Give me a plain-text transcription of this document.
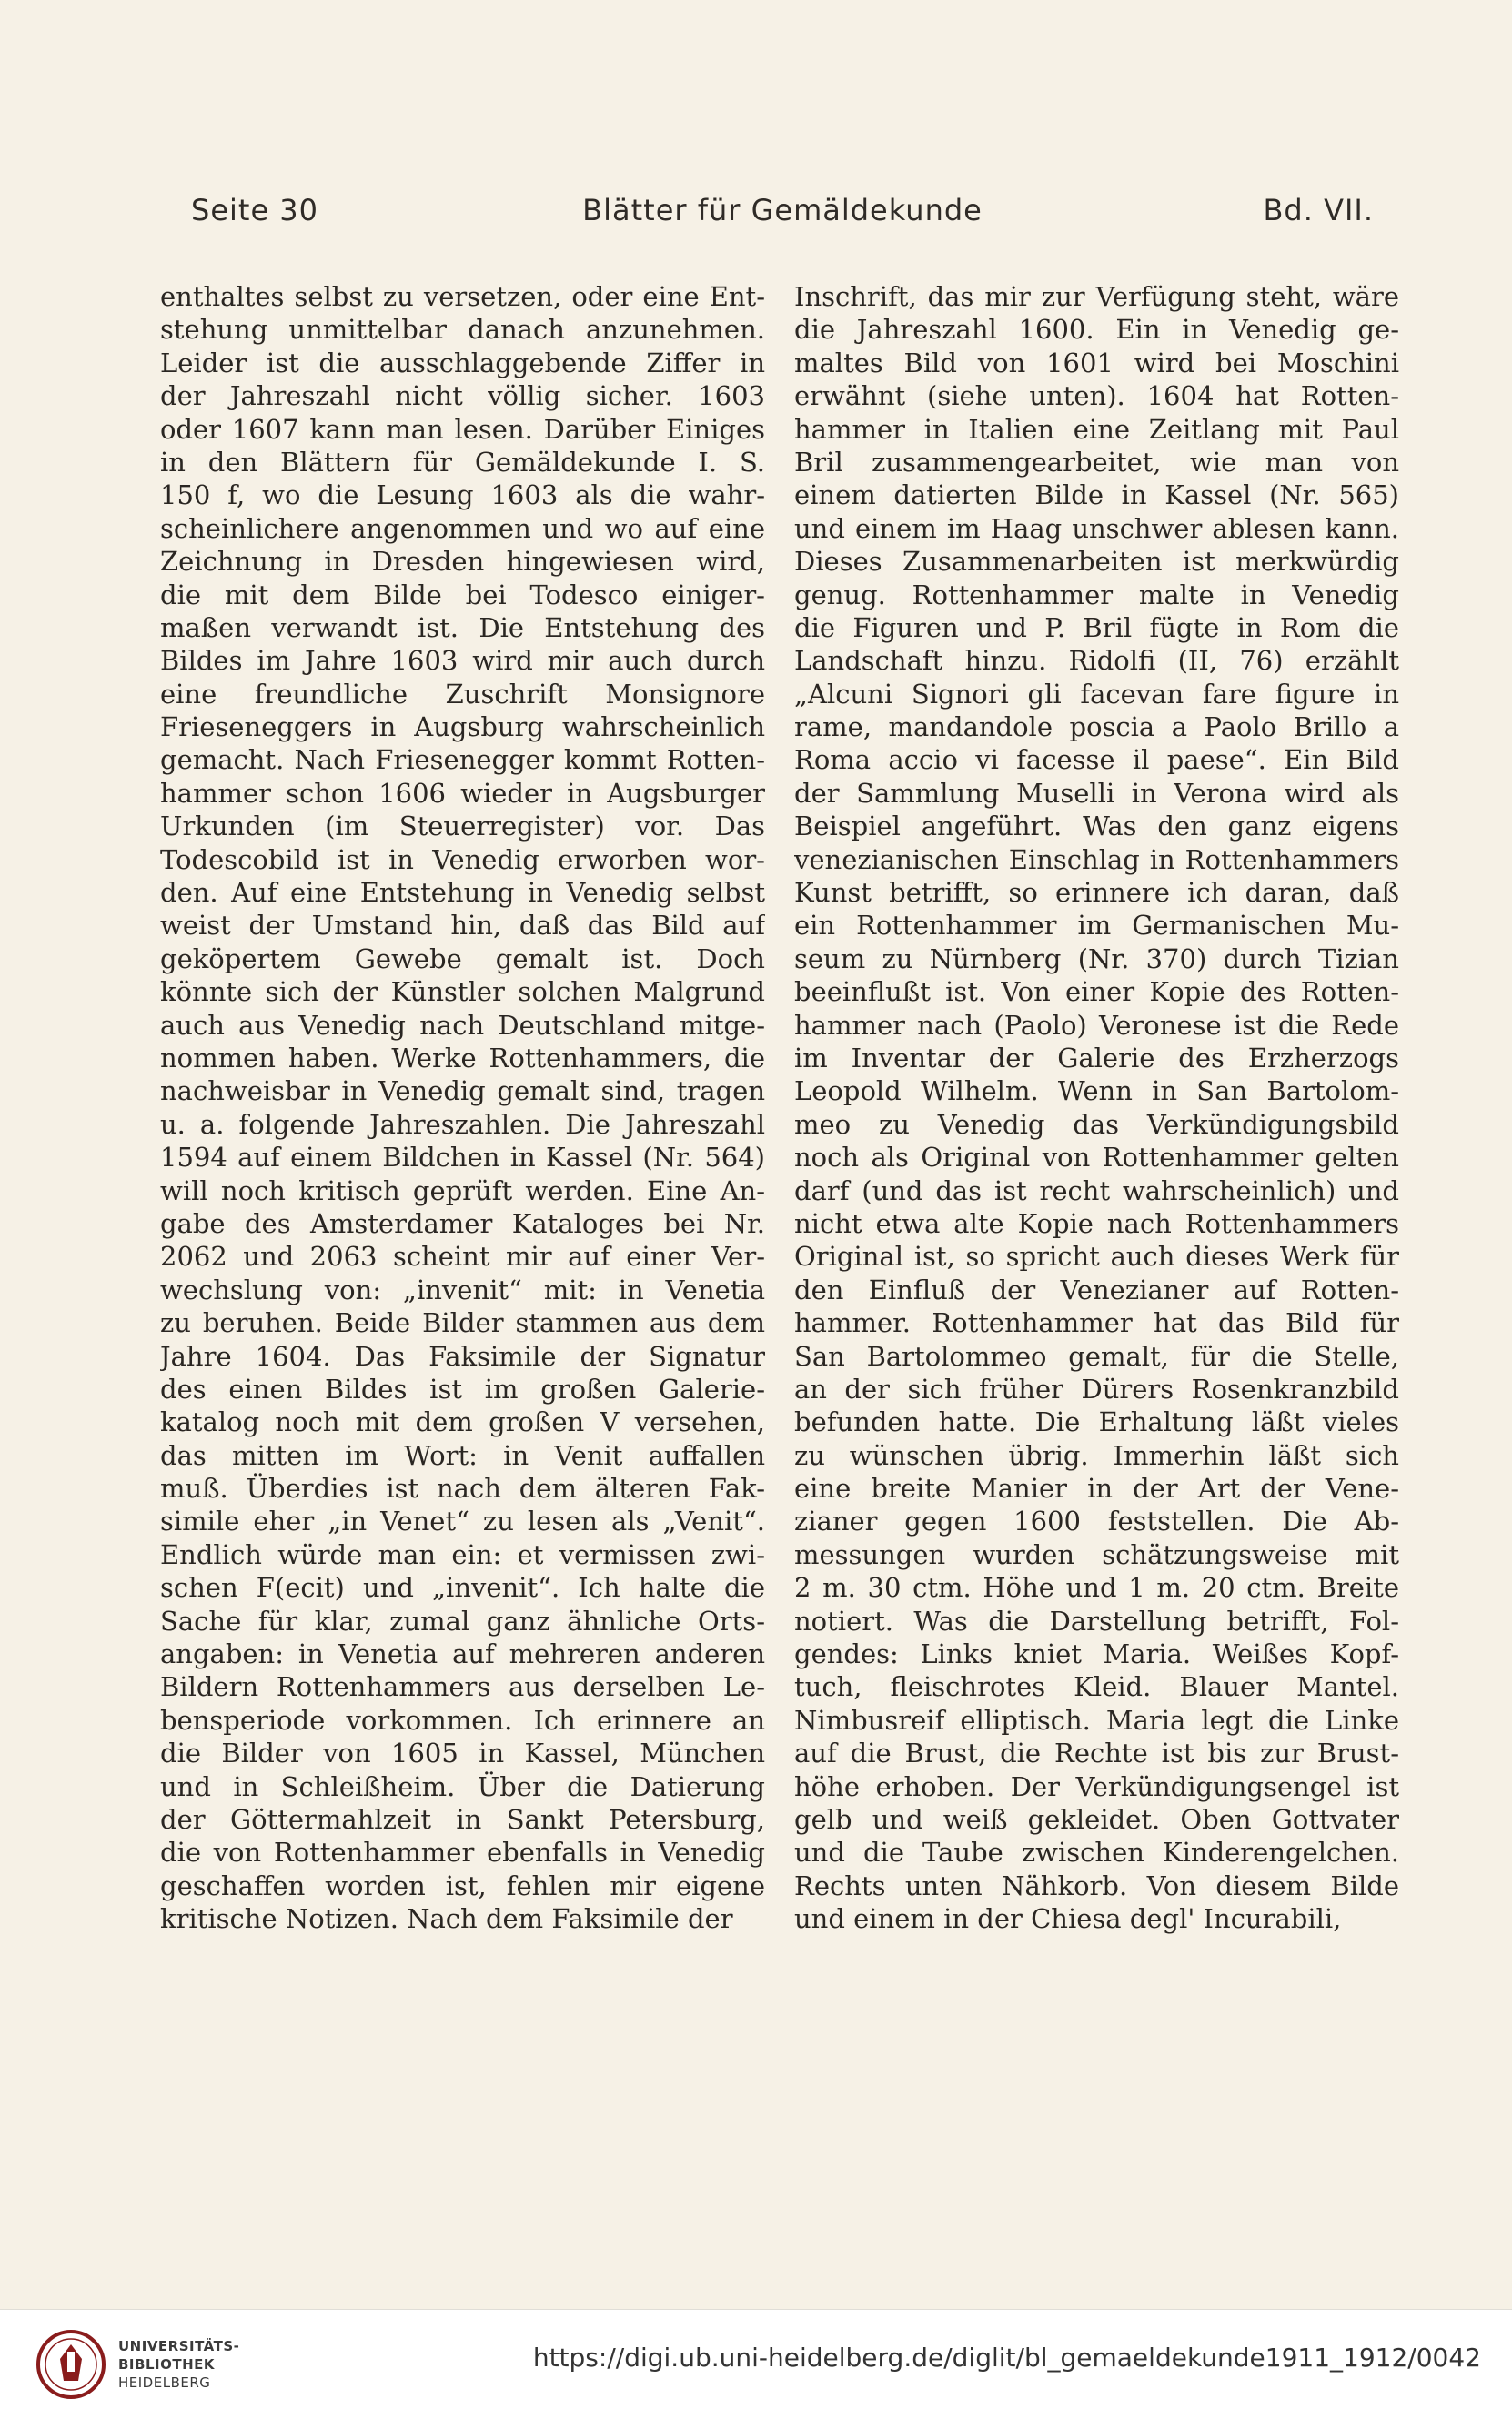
Seite 30	Blätter für Gemäldekunde	Bd. VII.
enthaltes selbst zu versetzen, oder eine Ent-
stehung unmittelbar danach anzunehmen.
Leider ist die ausschlaggebende Ziffer in
der Jahreszahl nicht völlig sicher. 1603
oder 1607 kann man lesen. Darüber Einiges
in den Blättern für Gemäldekunde I. S.
150 f, wo die Lesung 1603 als die wahr-
scheinlichere angenommen und wo auf eine
Zeichnung in Dresden hingewiesen wird,
die mit dem Bilde bei Todesco einiger-
maßen verwandt ist. Die Entstehung des
Bildes im Jahre 1603 wird mir auch durch
eine freundliche Zuschrift Monsignore
Frieseneggers in Augsburg wahrscheinlich
gemacht. Nach Friesenegger kommt Rotten-
hammer schon 1606 wieder in Augsburger
Urkunden (im Steuerregister) vor. Das
Todescobild ist in Venedig erworben wor-
den. Auf eine Entstehung in Venedig selbst
weist der Umstand hin, daß das Bild auf
geköpertem Gewebe gemalt ist. Doch
könnte sich der Künstler solchen Malgrund
auch aus Venedig nach Deutschland mitge-
nommen haben. Werke Rottenhammers, die
nachweisbar in Venedig gemalt sind, tragen
u. a. folgende Jahreszahlen. Die Jahreszahl
1594 auf einem Bildchen in Kassel (Nr. 564)
will noch kritisch geprüft werden. Eine An-
gabe des Amsterdamer Kataloges bei Nr.
2062 und 2063 scheint mir auf einer Ver-
wechslung von: „invenit“ mit: in Venetia
zu beruhen. Beide Bilder stammen aus dem
Jahre 1604. Das Faksimile der Signatur
des einen Bildes ist im großen Galerie-
katalog noch mit dem großen V versehen,
das mitten im Wort: in Venit auffallen
muß. Überdies ist nach dem älteren Fak-
simile eher „in Venet“ zu lesen als „Venit“.
Endlich würde man ein: et vermissen zwi-
schen F(ecit) und „invenit“. Ich halte die
Sache für klar, zumal ganz ähnliche Orts-
angaben: in Venetia auf mehreren anderen
Bildern Rottenhammers aus derselben Le-
bensperiode vorkommen. Ich erinnere an
die Bilder von 1605 in Kassel, München
und in Schleißheim. Über die Datierung
der Göttermahlzeit in Sankt Petersburg,
die von Rottenhammer ebenfalls in Venedig
geschaffen worden ist, fehlen mir eigene
kritische Notizen. Nach dem Faksimile der
Inschrift, das mir zur Verfügung steht, wäre
die Jahreszahl 1600. Ein in Venedig ge-
maltes Bild von 1601 wird bei Moschini
erwähnt (siehe unten). 1604 hat Rotten-
hammer in Italien eine Zeitlang mit Paul
Bril zusammengearbeitet, wie man von
einem datierten Bilde in Kassel (Nr. 565)
und einem im Haag unschwer ablesen kann.
Dieses Zusammenarbeiten ist merkwürdig
genug. Rottenhammer malte in Venedig
die Figuren und P. Bril fügte in Rom die
Landschaft hinzu. Ridolfi (II, 76) erzählt
„Alcuni Signori gli facevan fare figure in
rame, mandandole poscia a Paolo Brillo a
Roma accio vi facesse il paese“. Ein Bild
der Sammlung Muselli in Verona wird als
Beispiel angeführt. Was den ganz eigens
venezianischen Einschlag in Rottenhammers
Kunst betrifft, so erinnere ich daran, daß
ein Rottenhammer im Germanischen Mu-
seum zu Nürnberg (Nr. 370) durch Tizian
beeinflußt ist. Von einer Kopie des Rotten-
hammer nach (Paolo) Veronese ist die Rede
im Inventar der Galerie des Erzherzogs
Leopold Wilhelm. Wenn in San Bartolom-
meo zu Venedig das Verkündigungsbild
noch als Original von Rottenhammer gelten
darf (und das ist recht wahrscheinlich) und
nicht etwa alte Kopie nach Rottenhammers
Original ist, so spricht auch dieses Werk für
den Einfluß der Venezianer auf Rotten-
hammer. Rottenhammer hat das Bild für
San Bartolommeo gemalt, für die Stelle,
an der sich früher Dürers Rosenkranzbild
befunden hatte. Die Erhaltung läßt vieles
zu wünschen übrig. Immerhin läßt sich
eine breite Manier in der Art der Vene-
zianer gegen 1600 feststellen. Die Ab-
messungen wurden schätzungsweise mit
2 m. 30 ctm. Höhe und 1 m. 20 ctm. Breite
notiert. Was die Darstellung betrifft, Fol-
gendes: Links kniet Maria. Weißes Kopf-
tuch, fleischrotes Kleid. Blauer Mantel.
Nimbusreif elliptisch. Maria legt die Linke
auf die Brust, die Rechte ist bis zur Brust-
höhe erhoben. Der Verkündigungsengel ist
gelb und weiß gekleidet. Oben Gottvater
und die Taube zwischen Kinderengelchen.
Rechts unten Nähkorb. Von diesem Bilde
und einem in der Chiesa degl' Incurabili,
UNIVERSITÄTS-
BIBLIOTHEK
HEIDELBERG
https://digi.ub.uni-heidelberg.de/diglit/bl_gemaeldekunde1911_1912/0042
